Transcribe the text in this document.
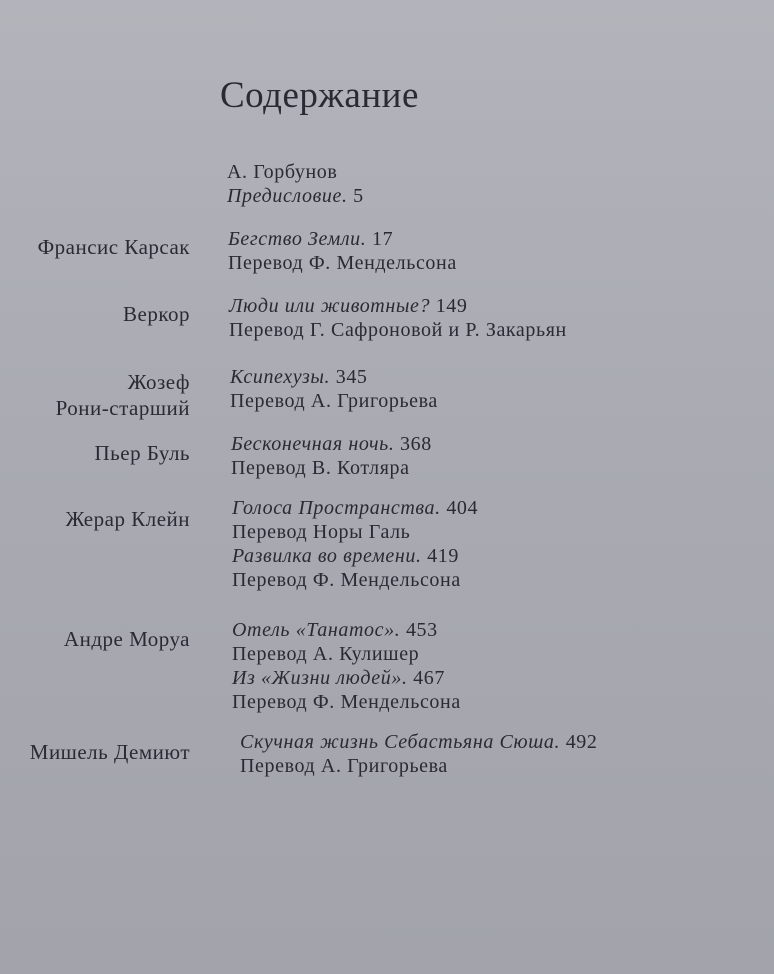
Содержание
А. Горбунов
Предисловие. 5
Франсис Карсак Бегство Земли. 17
Перевод Ф. Мендельсона
Веркор Люди или животные? 149
Перевод Г. Сафроновой и Р. Закарьян
Жозеф
Рони-старший
Ксипехузы. 345
Перевод А. Григорьева
Пьер Буль Бесконечная ночь. 368
Перевод В. Котляра
Жерар Клейн Голоса Пространства. 404
Перевод Норы Галь
Развилка во времени. 419
Перевод Ф. Мендельсона
Андре Моруа Отель «Танатос». 453
Перевод А. Кулишер
Из «Жизни людей». 467
Перевод Ф. Мендельсона
Мишель Демиют	Скучная жизнь Себастьяна Сюша. 492
Перевод А. Григорьева
